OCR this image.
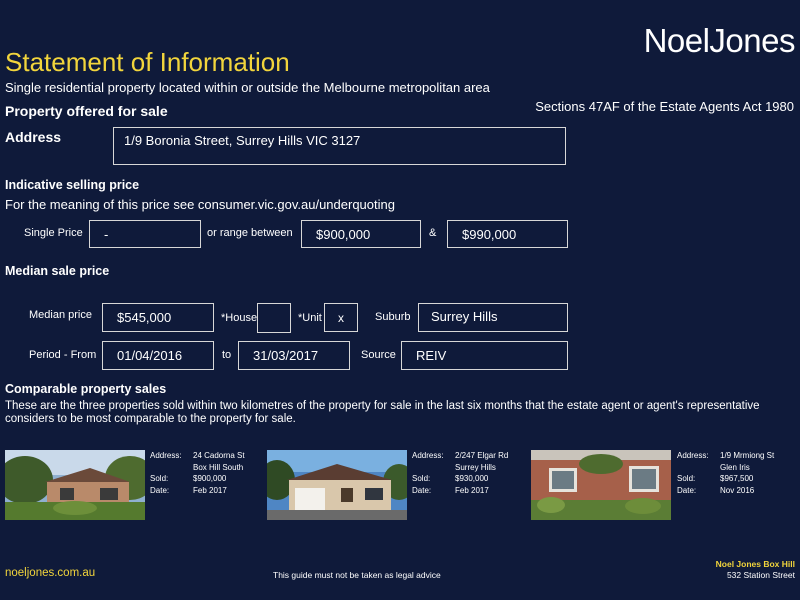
NoelJones
Statement of Information
Single residential property located within or outside the Melbourne metropolitan area
Property offered for sale	Sections 47AF of the Estate Agents Act 1980
Address	1/9 Boronia Street, Surrey Hills VIC 3127
Indicative selling price
For the meaning of this price see consumer.vic.gov.au/underquoting
Single Price -	or range between $900,000	& $990,000
Median sale price
Median price $545,000	*House	*Unit x	Suburb Surrey Hills
Period - From 01/04/2016	to 31/03/2017	Source REIV
Comparable property sales
These are the three properties sold within two kilometres of the property for sale in the last six months that the estate agent or agent's representative considers to be most comparable to the property for sale.
Address:	24 Cadorna St
Box Hill South
Sold:	$900,000
Date:	Feb 2017
Address:	2/247 Elgar Rd
Surrey Hills
Sold:	$930,000
Date:	Feb 2017
Address:	1/9 Mrmiong St
Glen Iris
Sold:	$967,500
Date:	Nov 2016
noeljones.com.au	This guide must not be taken as legal advice
Noel Jones Box Hill
532 Station Street
